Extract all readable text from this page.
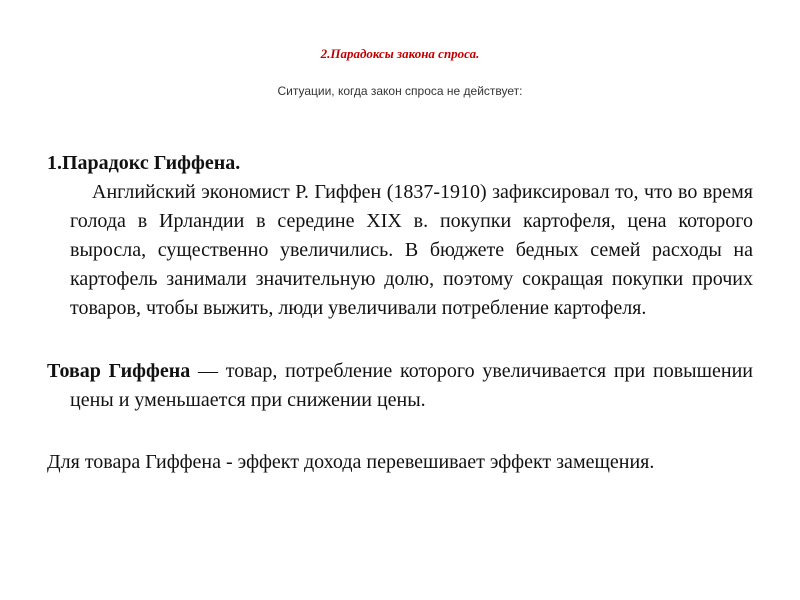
2.Парадоксы закона спроса.
Ситуации, когда закон спроса не действует:

1.Парадокс Гиффена.

Английский экономист Р. Гиффен (1837-1910) зафиксировал то, что во время голода в Ирландии в середине XIX в. покупки картофеля, цена которого выросла, существенно увеличились. В бюджете бедных семей расходы на картофель занимали значительную долю, поэтому сокращая покупки прочих товаров, чтобы выжить, люди увеличивали потребление картофеля.

Товар Гиффена — товар, потребление которого увеличивается при повышении цены и уменьшается при снижении цены.

Для товара Гиффена - эффект дохода перевешивает эффект замещения.
